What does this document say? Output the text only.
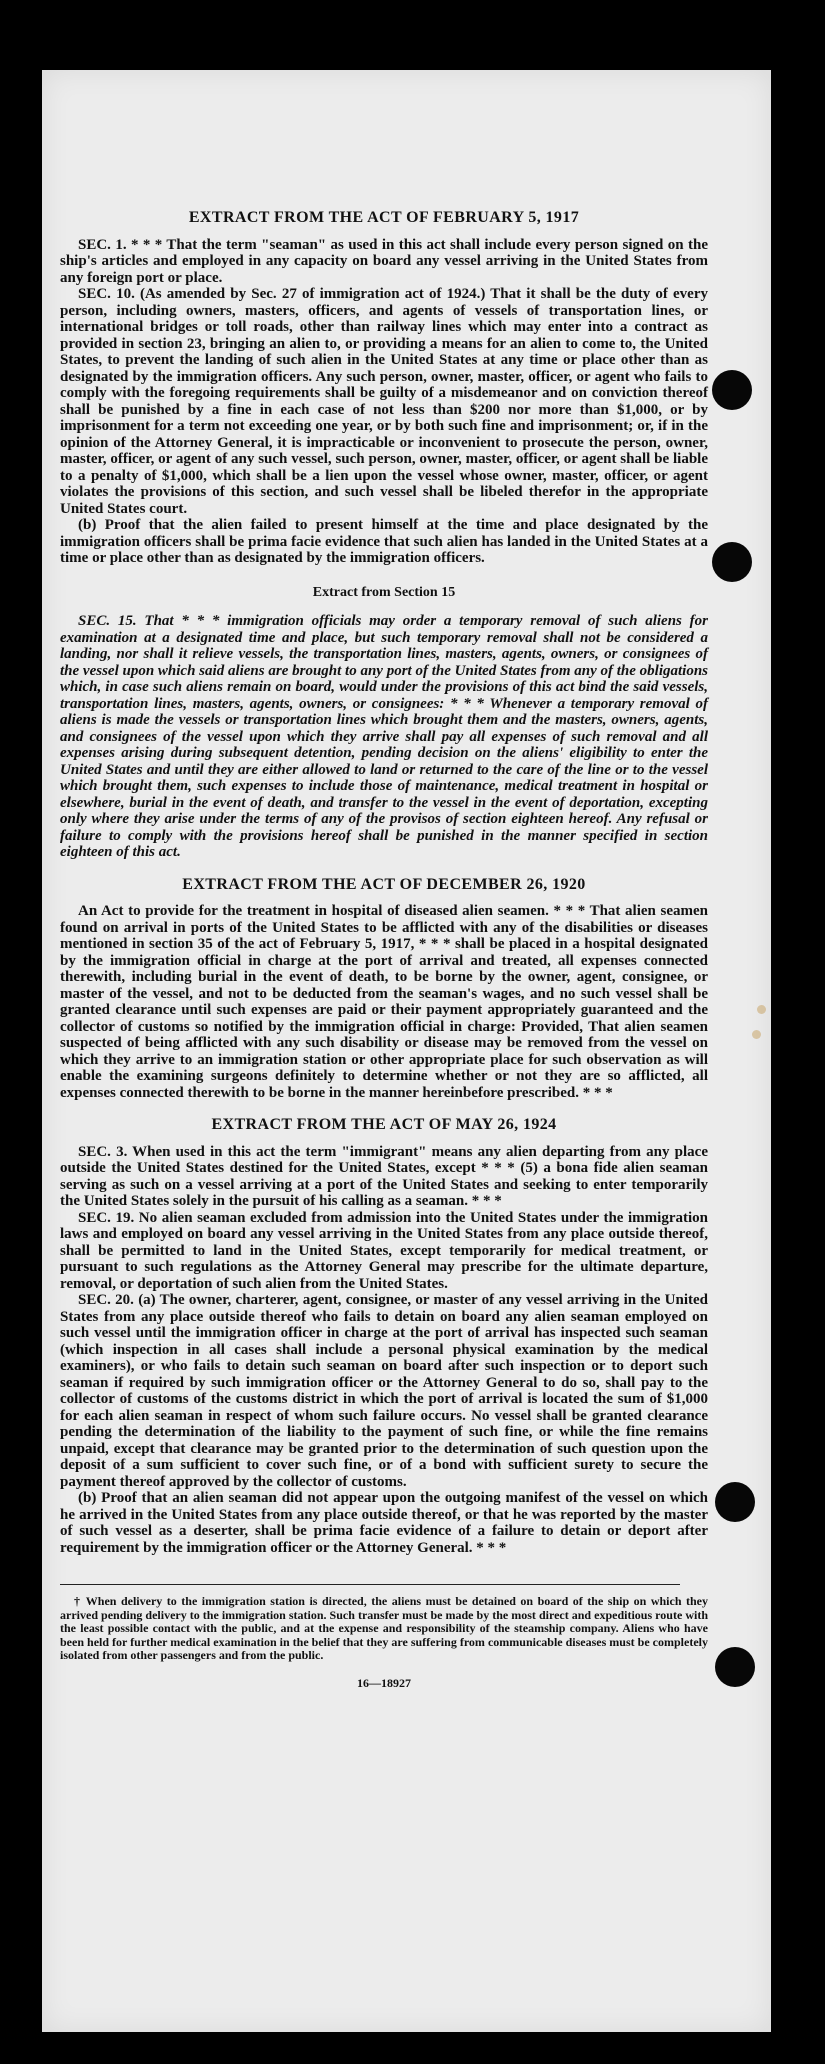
EXTRACT FROM THE ACT OF FEBRUARY 5, 1917

SEC. 1. * * * That the term "seaman" as used in this act shall include every person signed on the ship's articles and employed in any capacity on board any vessel arriving in the United States from any foreign port or place.

SEC. 10. (As amended by Sec. 27 of immigration act of 1924.) That it shall be the duty of every person, including owners, masters, officers, and agents of vessels of transportation lines, or international bridges or toll roads, other than railway lines which may enter into a contract as provided in section 23, bringing an alien to, or providing a means for an alien to come to, the United States, to prevent the landing of such alien in the United States at any time or place other than as designated by the immigration officers. Any such person, owner, master, officer, or agent who fails to comply with the foregoing requirements shall be guilty of a misdemeanor and on conviction thereof shall be punished by a fine in each case of not less than $200 nor more than $1,000, or by imprisonment for a term not exceeding one year, or by both such fine and imprisonment; or, if in the opinion of the Attorney General, it is impracticable or inconvenient to prosecute the person, owner, master, officer, or agent of any such vessel, such person, owner, master, officer, or agent shall be liable to a penalty of $1,000, which shall be a lien upon the vessel whose owner, master, officer, or agent violates the provisions of this section, and such vessel shall be libeled therefor in the appropriate United States court.

(b) Proof that the alien failed to present himself at the time and place designated by the immigration officers shall be prima facie evidence that such alien has landed in the United States at a time or place other than as designated by the immigration officers.

Extract from Section 15

SEC. 15. That * * * immigration officials may order a temporary removal of such aliens for examination at a designated time and place, but such temporary removal shall not be considered a landing, nor shall it relieve vessels, the transportation lines, masters, agents, owners, or consignees of the vessel upon which said aliens are brought to any port of the United States from any of the obligations which, in case such aliens remain on board, would under the provisions of this act bind the said vessels, transportation lines, masters, agents, owners, or consignees: * * * Whenever a temporary removal of aliens is made the vessels or transportation lines which brought them and the masters, owners, agents, and consignees of the vessel upon which they arrive shall pay all expenses of such removal and all expenses arising during subsequent detention, pending decision on the aliens' eligibility to enter the United States and until they are either allowed to land or returned to the care of the line or to the vessel which brought them, such expenses to include those of maintenance, medical treatment in hospital or elsewhere, burial in the event of death, and transfer to the vessel in the event of deportation, excepting only where they arise under the terms of any of the provisos of section eighteen hereof. Any refusal or failure to comply with the provisions hereof shall be punished in the manner specified in section eighteen of this act.

EXTRACT FROM THE ACT OF DECEMBER 26, 1920

An Act to provide for the treatment in hospital of diseased alien seamen. * * * That alien seamen found on arrival in ports of the United States to be afflicted with any of the disabilities or diseases mentioned in section 35 of the act of February 5, 1917, * * * shall be placed in a hospital designated by the immigration official in charge at the port of arrival and treated, all expenses connected therewith, including burial in the event of death, to be borne by the owner, agent, consignee, or master of the vessel, and not to be deducted from the seaman's wages, and no such vessel shall be granted clearance until such expenses are paid or their payment appropriately guaranteed and the collector of customs so notified by the immigration official in charge: Provided, That alien seamen suspected of being afflicted with any such disability or disease may be removed from the vessel on which they arrive to an immigration station or other appropriate place for such observation as will enable the examining surgeons definitely to determine whether or not they are so afflicted, all expenses connected therewith to be borne in the manner hereinbefore prescribed. * * *

EXTRACT FROM THE ACT OF MAY 26, 1924

SEC. 3. When used in this act the term "immigrant" means any alien departing from any place outside the United States destined for the United States, except * * * (5) a bona fide alien seaman serving as such on a vessel arriving at a port of the United States and seeking to enter temporarily the United States solely in the pursuit of his calling as a seaman. * * *

SEC. 19. No alien seaman excluded from admission into the United States under the immigration laws and employed on board any vessel arriving in the United States from any place outside thereof, shall be permitted to land in the United States, except temporarily for medical treatment, or pursuant to such regulations as the Attorney General may prescribe for the ultimate departure, removal, or deportation of such alien from the United States.

SEC. 20. (a) The owner, charterer, agent, consignee, or master of any vessel arriving in the United States from any place outside thereof who fails to detain on board any alien seaman employed on such vessel until the immigration officer in charge at the port of arrival has inspected such seaman (which inspection in all cases shall include a personal physical examination by the medical examiners), or who fails to detain such seaman on board after such inspection or to deport such seaman if required by such immigration officer or the Attorney General to do so, shall pay to the collector of customs of the customs district in which the port of arrival is located the sum of $1,000 for each alien seaman in respect of whom such failure occurs. No vessel shall be granted clearance pending the determination of the liability to the payment of such fine, or while the fine remains unpaid, except that clearance may be granted prior to the determination of such question upon the deposit of a sum sufficient to cover such fine, or of a bond with sufficient surety to secure the payment thereof approved by the collector of customs.

(b) Proof that an alien seaman did not appear upon the outgoing manifest of the vessel on which he arrived in the United States from any place outside thereof, or that he was reported by the master of such vessel as a deserter, shall be prima facie evidence of a failure to detain or deport after requirement by the immigration officer or the Attorney General. * * *

† When delivery to the immigration station is directed, the aliens must be detained on board of the ship on which they arrived pending delivery to the immigration station. Such transfer must be made by the most direct and expeditious route with the least possible contact with the public, and at the expense and responsibility of the steamship company. Aliens who have been held for further medical examination in the belief that they are suffering from communicable diseases must be completely isolated from other passengers and from the public.

16—18927
